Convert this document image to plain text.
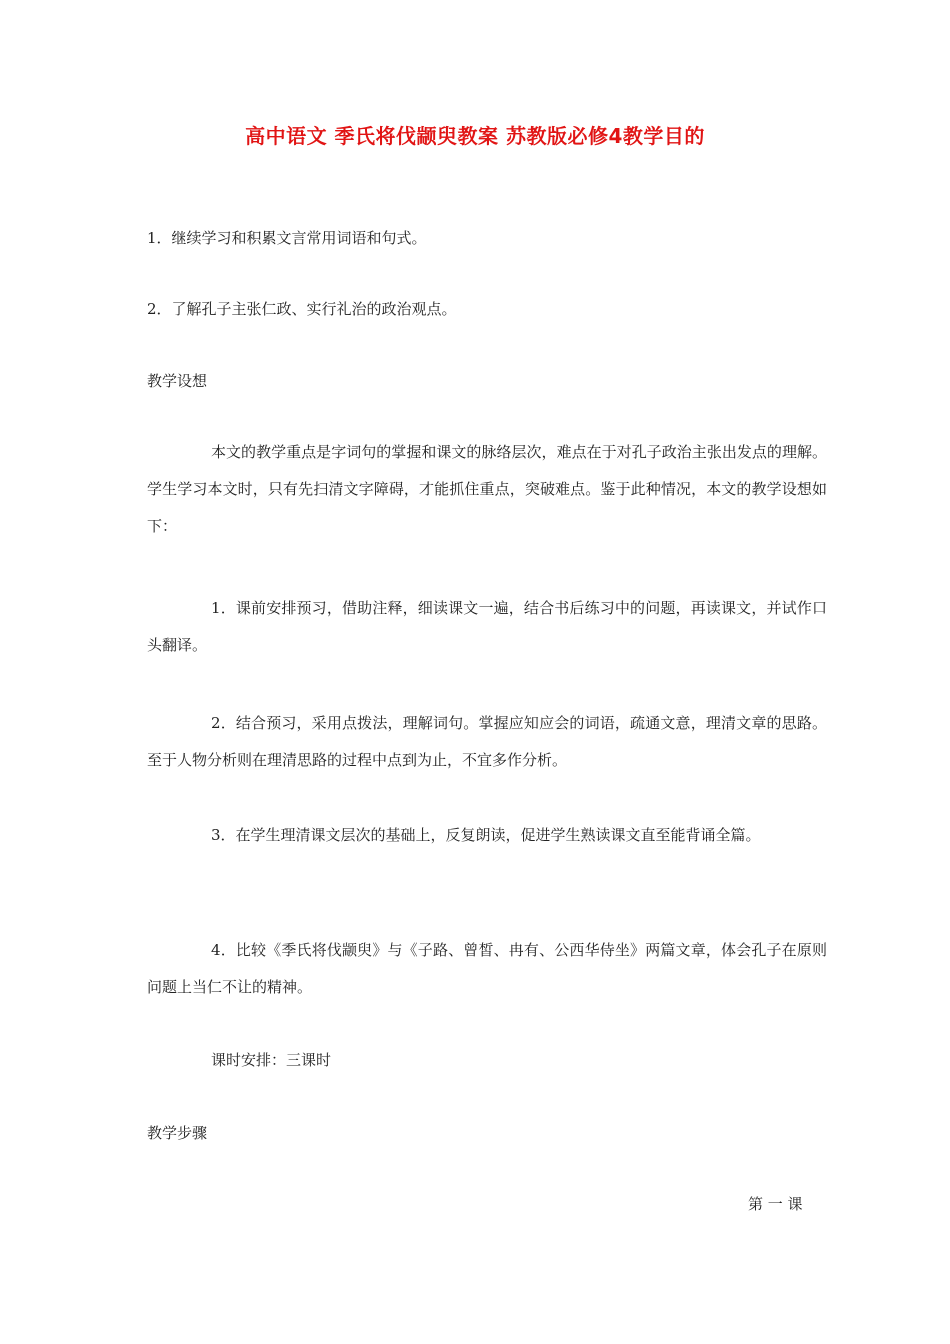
高中语文 季氏将伐颛臾教案 苏教版必修4教学目的
1．继续学习和积累文言常用词语和句式。
2．了解孔子主张仁政、实行礼治的政治观点。
教学设想
本文的教学重点是字词句的掌握和课文的脉络层次，难点在于对孔子政治主张出发点的理解。学生学习本文时，只有先扫清文字障碍，才能抓住重点，突破难点。鉴于此种情况，本文的教学设想如下：
1．课前安排预习，借助注释，细读课文一遍，结合书后练习中的问题，再读课文，并试作口头翻译。
2．结合预习，采用点拨法，理解词句。掌握应知应会的词语，疏通文意，理清文章的思路。至于人物分析则在理清思路的过程中点到为止，不宜多作分析。
3．在学生理清课文层次的基础上，反复朗读，促进学生熟读课文直至能背诵全篇。
4．比较《季氏将伐颛臾》与《子路、曾皙、冉有、公西华侍坐》两篇文章，体会孔子在原则问题上当仁不让的精神。
课时安排：三课时
教学步骤
第 一 课
